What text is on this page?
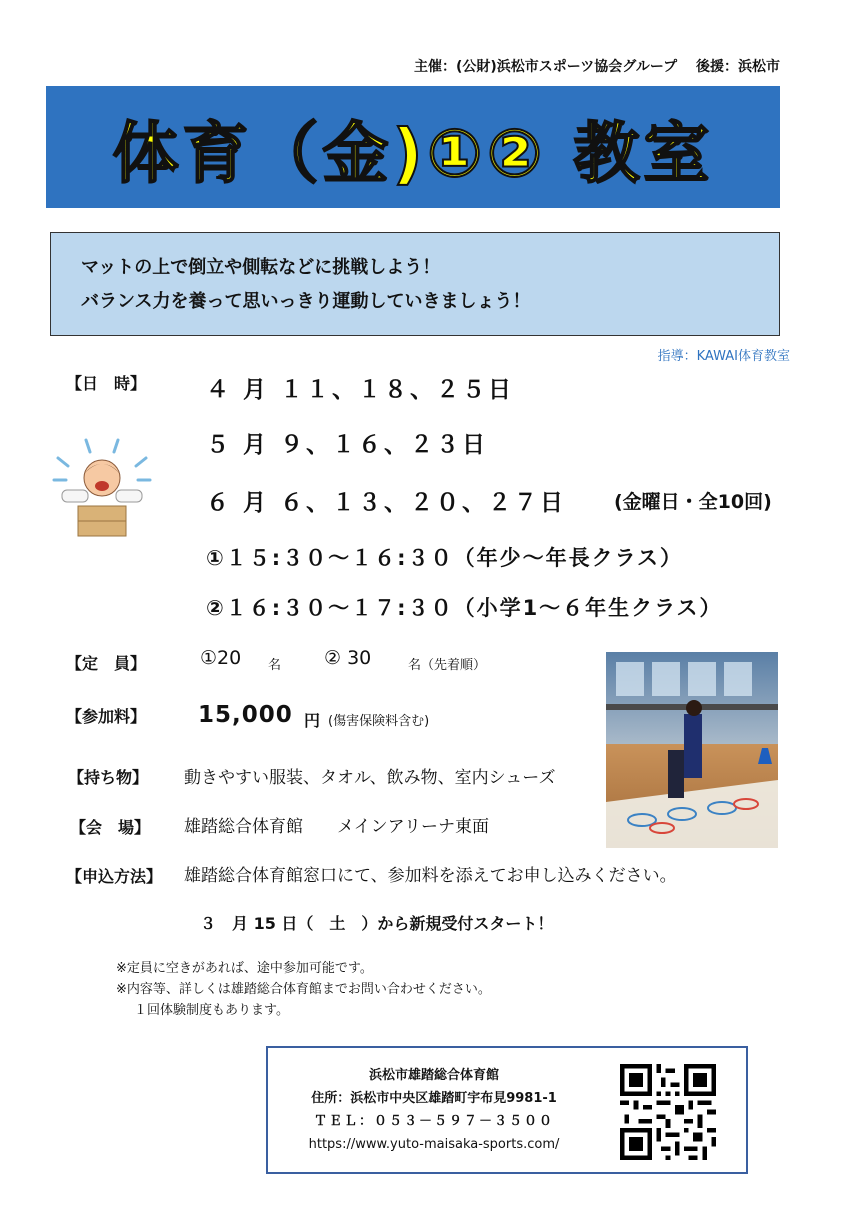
主催：(公財)浜松市スポーツ協会グループ　 後援：浜松市
体育（金)①② 教室
マットの上で倒立や側転などに挑戦しよう！
バランス力を養って思いっきり運動していきましょう！
指導：KAWAI体育教室
【日　時】	４ 月 １１、１８、２５日
５ 月 ９、１６、２３日
６ 月 ６、１３、２０、２７日	(金曜日・全10回)
①１５:３０～１６:３０（年少～年長クラス）
②１６:３０～１７:３０（小学1～６年生クラス）
【定　員】	①20 名 ② 30	名（先着順）
【参加料】 15,000 円 (傷害保険料含む)
【持ち物】 動きやすい服装、タオル、飲み物、室内シューズ
【会　場】 雄踏総合体育館　　メインアリーナ東面
【申込方法】 雄踏総合体育館窓口にて、参加料を添えてお申し込みください。
３　月 15 日（　土　）から新規受付スタート！
※定員に空きがあれば、途中参加可能です。
※内容等、詳しくは雄踏総合体育館までお問い合わせください。
１回体験制度もあります。
浜松市雄踏総合体育館
住所：浜松市中央区雄踏町宇布見9981-1
ＴＥＬ：０５３－５９７－３５００
https://www.yuto-maisaka-sports.com/
